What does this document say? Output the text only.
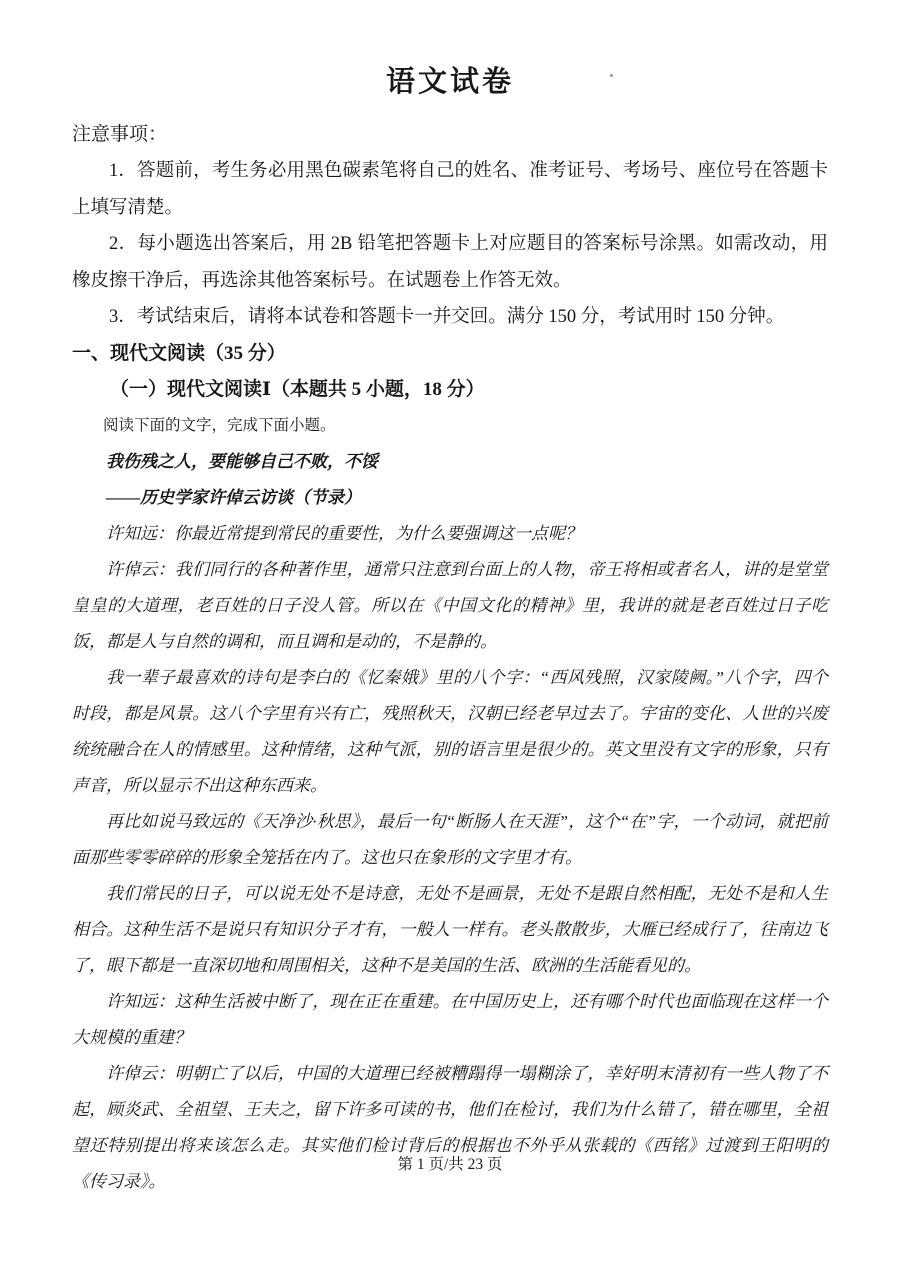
语文试卷

注意事项：

1．答题前，考生务必用黑色碳素笔将自己的姓名、准考证号、考场号、座位号在答题卡上填写清楚。

2．每小题选出答案后，用 2B 铅笔把答题卡上对应题目的答案标号涂黑。如需改动，用橡皮擦干净后，再选涂其他答案标号。在试题卷上作答无效。

3．考试结束后，请将本试卷和答题卡一并交回。满分 150 分，考试用时 150 分钟。

一、现代文阅读（35 分）

（一）现代文阅读Ⅰ（本题共 5 小题，18 分）

阅读下面的文字，完成下面小题。

我伤残之人，要能够自己不败，不馁

——历史学家许倬云访谈（节录）

许知远：你最近常提到常民的重要性，为什么要强调这一点呢？

许倬云：我们同行的各种著作里，通常只注意到台面上的人物，帝王将相或者名人，讲的是堂堂皇皇的大道理，老百姓的日子没人管。所以在《中国文化的精神》里，我讲的就是老百姓过日子吃饭，都是人与自然的调和，而且调和是动的，不是静的。

我一辈子最喜欢的诗句是李白的《忆秦娥》里的八个字：“西风残照，汉家陵阙。”八个字，四个时段，都是风景。这八个字里有兴有亡，残照秋天，汉朝已经老早过去了。宇宙的变化、人世的兴废统统融合在人的情感里。这种情绪，这种气派，别的语言里是很少的。英文里没有文字的形象，只有声音，所以显示不出这种东西来。

再比如说马致远的《天净沙·秋思》，最后一句“断肠人在天涯”，这个“在”字，一个动词，就把前面那些零零碎碎的形象全笼括在内了。这也只在象形的文字里才有。

我们常民的日子，可以说无处不是诗意，无处不是画景，无处不是跟自然相配，无处不是和人生相合。这种生活不是说只有知识分子才有，一般人一样有。老头散散步，大雁已经成行了，往南边飞了，眼下都是一直深切地和周围相关，这种不是美国的生活、欧洲的生活能看见的。

许知远：这种生活被中断了，现在正在重建。在中国历史上，还有哪个时代也面临现在这样一个大规模的重建？

许倬云：明朝亡了以后，中国的大道理已经被糟蹋得一塌糊涂了，幸好明末清初有一些人物了不起，顾炎武、全祖望、王夫之，留下许多可读的书，他们在检讨，我们为什么错了，错在哪里，全祖望还特别提出将来该怎么走。其实他们检讨背后的根据也不外乎从张载的《西铭》过渡到王阳明的《传习录》。

第 1 页/共 23 页
